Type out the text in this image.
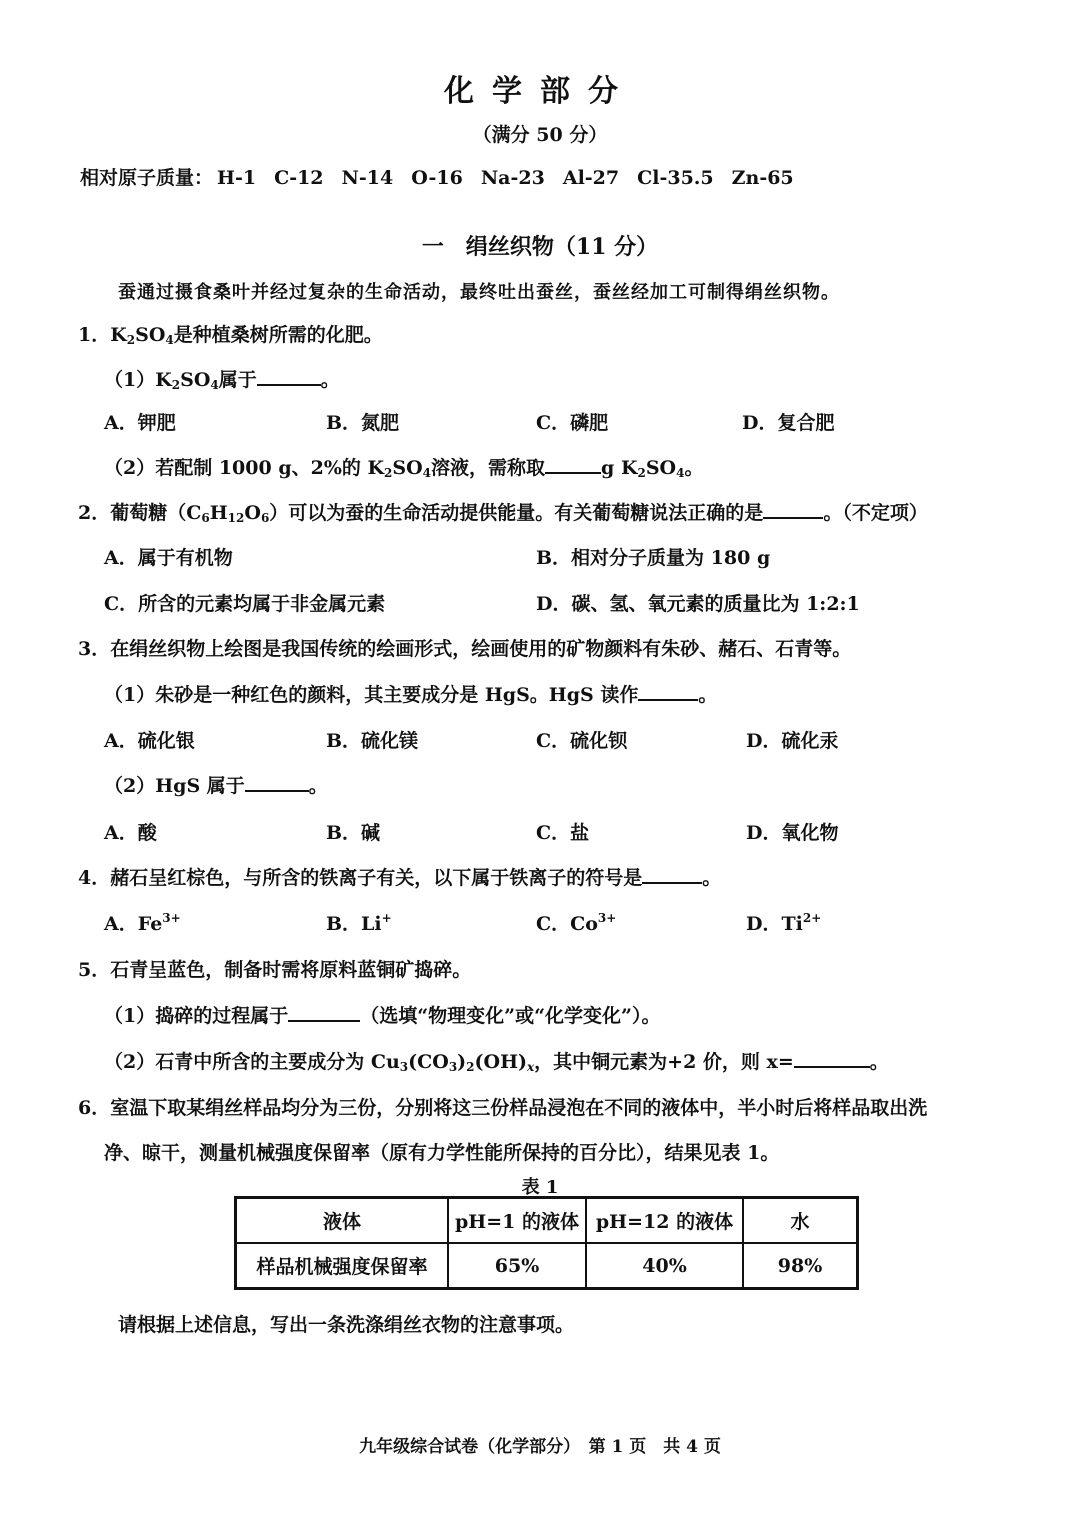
化学部分
（满分 50 分）
相对原子质量： H-1 C-12 N-14 O-16 Na-23 Al-27 Cl-35.5 Zn-65
一　绢丝织物（11 分）
蚕通过摄食桑叶并经过复杂的生命活动，最终吐出蚕丝，蚕丝经加工可制得绢丝织物。
1．$K_2SO_4$是种植桑树所需的化肥。
$(1)K_2SO_4$属于	。
A．钾肥	B．氮肥	C．磷肥	D．复合肥
（2）若配制 1000 g、2%的 $K_2SO_4$溶液，需称取	g $K_2SO_4$。
2．葡萄糖$(C_6H_{12}O_6)$可以为蚕的生命活动提供能量。有关葡萄糖说法正确的是	。（不定项）
A．属于有机物	B．相对分子质量为 180 g
C．所含的元素均属于非金属元素	D．碳、氢、氧元素的质量比为 1:2:1
3．在绢丝织物上绘图是我国传统的绘画形式，绘画使用的矿物颜料有朱砂、赭石、石青等。
（1）朱砂是一种红色的颜料，其主要成分是 HgS。HgS 读作	。
A．硫化银	B．硫化镁	C．硫化钡	D．硫化汞
（2）HgS 属于	。
A．酸	B．碱	C．盐	D．氧化物
4．赭石呈红棕色，与所含的铁离子有关，以下属于铁离子的符号是	。
A．$Fe^{3+}$	B．Li+	C．$Co^{3+}$	D．$Ti^{2+}$
5．石青呈蓝色，制备时需将原料蓝铜矿捣碎。
（1）捣碎的过程属于	（选填“物理变化”或“化学变化”）。
（2）石青中所含的主要成分为 $Cu_3(CO_3)_2(OH)_x$，其中铜元素为+2 价，则 x=	。
6．室温下取某绢丝样品均分为三份，分别将这三份样品浸泡在不同的液体中，半小时后将样品取出洗
净、晾干，测量机械强度保留率（原有力学性能所保持的百分比），结果见表 1。
表 1
液体	pH=1 的液体	pH=12 的液体	水
样品机械强度保留率	65%	40%	98%
请根据上述信息，写出一条洗涤绢丝衣物的注意事项。
九年级综合试卷（化学部分）　第 1 页　共 4 页
